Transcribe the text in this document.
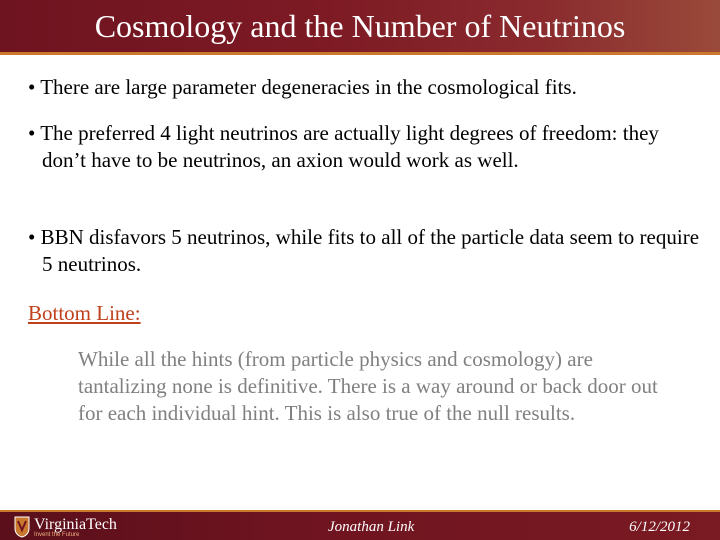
Cosmology and the Number of Neutrinos
• There are large parameter degeneracies in the cosmological fits.
• The preferred 4 light neutrinos are actually light degrees of freedom: they don’t have to be neutrinos, an axion would work as well.
• BBN disfavors 5 neutrinos, while fits to all of the particle data seem to require 5 neutrinos.
Bottom Line:
While all the hints (from particle physics and cosmology) are tantalizing none is definitive. There is a way around or back door out for each individual hint. This is also true of the null results.
VirginiaTech
Invent the Future	Jonathan Link	6/12/2012
